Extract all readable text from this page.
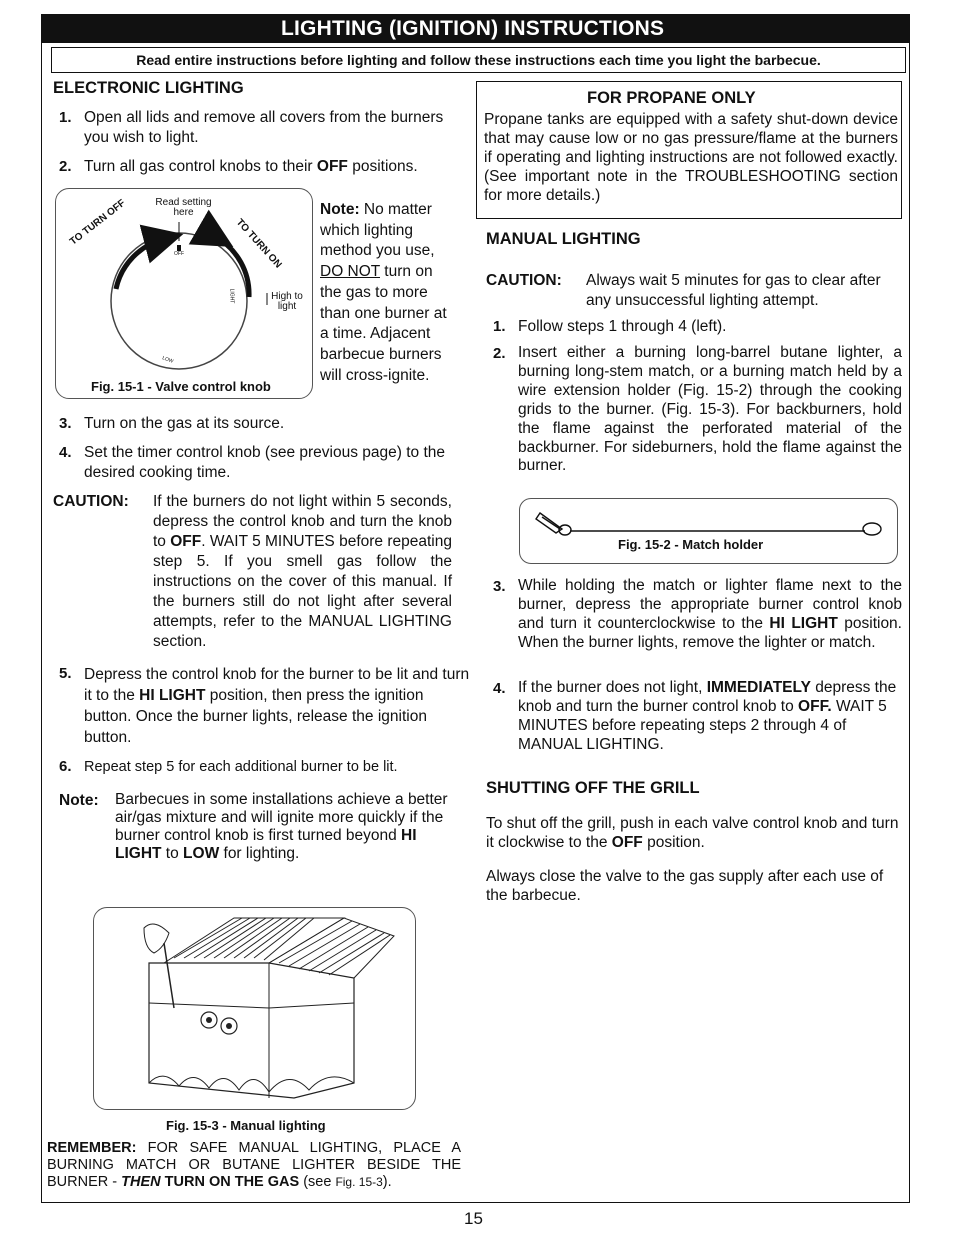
LIGHTING (IGNITION) INSTRUCTIONS
Read entire instructions before lighting and follow these instructions each time you light the barbecue.
ELECTRONIC LIGHTING
1. Open all lids and remove all covers from the burners you wish to light.
2. Turn all gas control knobs to their OFF positions.
Read setting
here
TO TURN OFF	TO TURN ON
OFF
LIGHT
LOW
High to
light
Fig. 15-1 - Valve control knob
Note: No matter which lighting method you use, DO NOT turn on the gas to more than one burner at a time. Adjacent barbecue burners will cross-ignite.
3. Turn on the gas at its source.
4. Set the timer control knob (see previous page) to the desired cooking time.
CAUTION: If the burners do not light within 5 seconds, depress the control knob and turn the knob to OFF. WAIT 5 MINUTES before repeating step 5. If you smell gas follow the instructions on the cover of this manual. If the burners still do not light after several attempts, refer to the MANUAL LIGHTING section.
5. Depress the control knob for the burner to be lit and turn it to the HI LIGHT position, then press the ignition button. Once the burner lights, release the ignition button.
6. Repeat step 5 for each additional burner to be lit.
Note: Barbecues in some installations achieve a better air/gas mixture and will ignite more quickly if the burner control knob is first turned beyond HI LIGHT to LOW for lighting.
Fig. 15-3 - Manual lighting
REMEMBER: FOR SAFE MANUAL LIGHTING, PLACE A BURNING MATCH OR BUTANE LIGHTER BESIDE THE BURNER - THEN TURN ON THE GAS (see Fig. 15-3).
FOR PROPANE ONLY
Propane tanks are equipped with a safety shut-down device that may cause low or no gas pressure/flame at the burners if operating and lighting instructions are not followed exactly. (See important note in the TROUBLESHOOTING section for more details.)
MANUAL LIGHTING
CAUTION: Always wait 5 minutes for gas to clear after any unsuccessful lighting attempt.
1. Follow steps 1 through 4 (left).
2. Insert either a burning long-barrel butane lighter, a burning long-stem match, or a burning match held by a wire extension holder (Fig. 15-2) through the cooking grids to the burner. (Fig. 15-3). For backburners, hold the flame against the perforated material of the backburner. For sideburners, hold the flame against the burner.
Fig. 15-2 - Match holder
3. While holding the match or lighter flame next to the burner, depress the appropriate burner control knob and turn it counterclockwise to the HI LIGHT position. When the burner lights, remove the lighter or match.
4. If the burner does not light, IMMEDIATELY depress the knob and turn the burner control knob to OFF. WAIT 5 MINUTES before repeating steps 2 through 4 of MANUAL LIGHTING.
SHUTTING OFF THE GRILL
To shut off the grill, push in each valve control knob and turn it clockwise to the OFF position.
Always close the valve to the gas supply after each use of the barbecue.
15
